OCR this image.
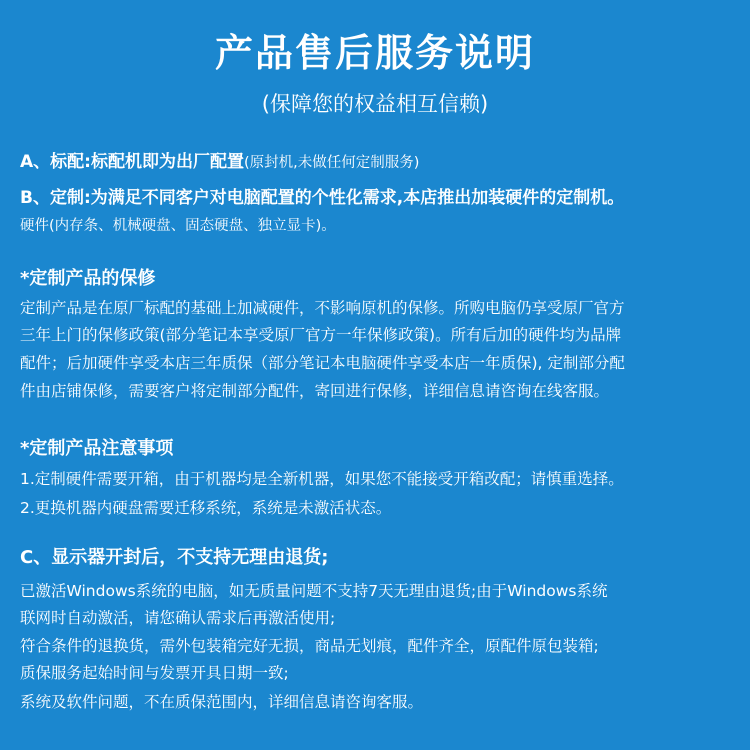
产品售后服务说明
(保障您的权益相互信赖)
A、标配:标配机即为出厂配置(原封机,未做任何定制服务)
B、定制:为满足不同客户对电脑配置的个性化需求,本店推出加装硬件的定制机。
硬件(内存条、机械硬盘、固态硬盘、独立显卡)。
*定制产品的保修
定制产品是在原厂标配的基础上加减硬件，不影响原机的保修。所购电脑仍享受原厂官方
三年上门的保修政策(部分笔记本享受原厂官方一年保修政策)。所有后加的硬件均为品牌
配件；后加硬件享受本店三年质保（部分笔记本电脑硬件享受本店一年质保), 定制部分配
件由店铺保修，需要客户将定制部分配件，寄回进行保修，详细信息请咨询在线客服。
*定制产品注意事项
1.定制硬件需要开箱，由于机器均是全新机器，如果您不能接受开箱改配；请慎重选择。
2.更换机器内硬盘需要迁移系统，系统是未激活状态。
C、显示器开封后，不支持无理由退货;
已激活Windows系统的电脑，如无质量问题不支持7天无理由退货;由于Windows系统
联网时自动激活，请您确认需求后再激活使用;
符合条件的退换货，需外包装箱完好无损，商品无划痕，配件齐全，原配件原包装箱;
质保服务起始时间与发票开具日期一致;
系统及软件问题，不在质保范围内，详细信息请咨询客服。
